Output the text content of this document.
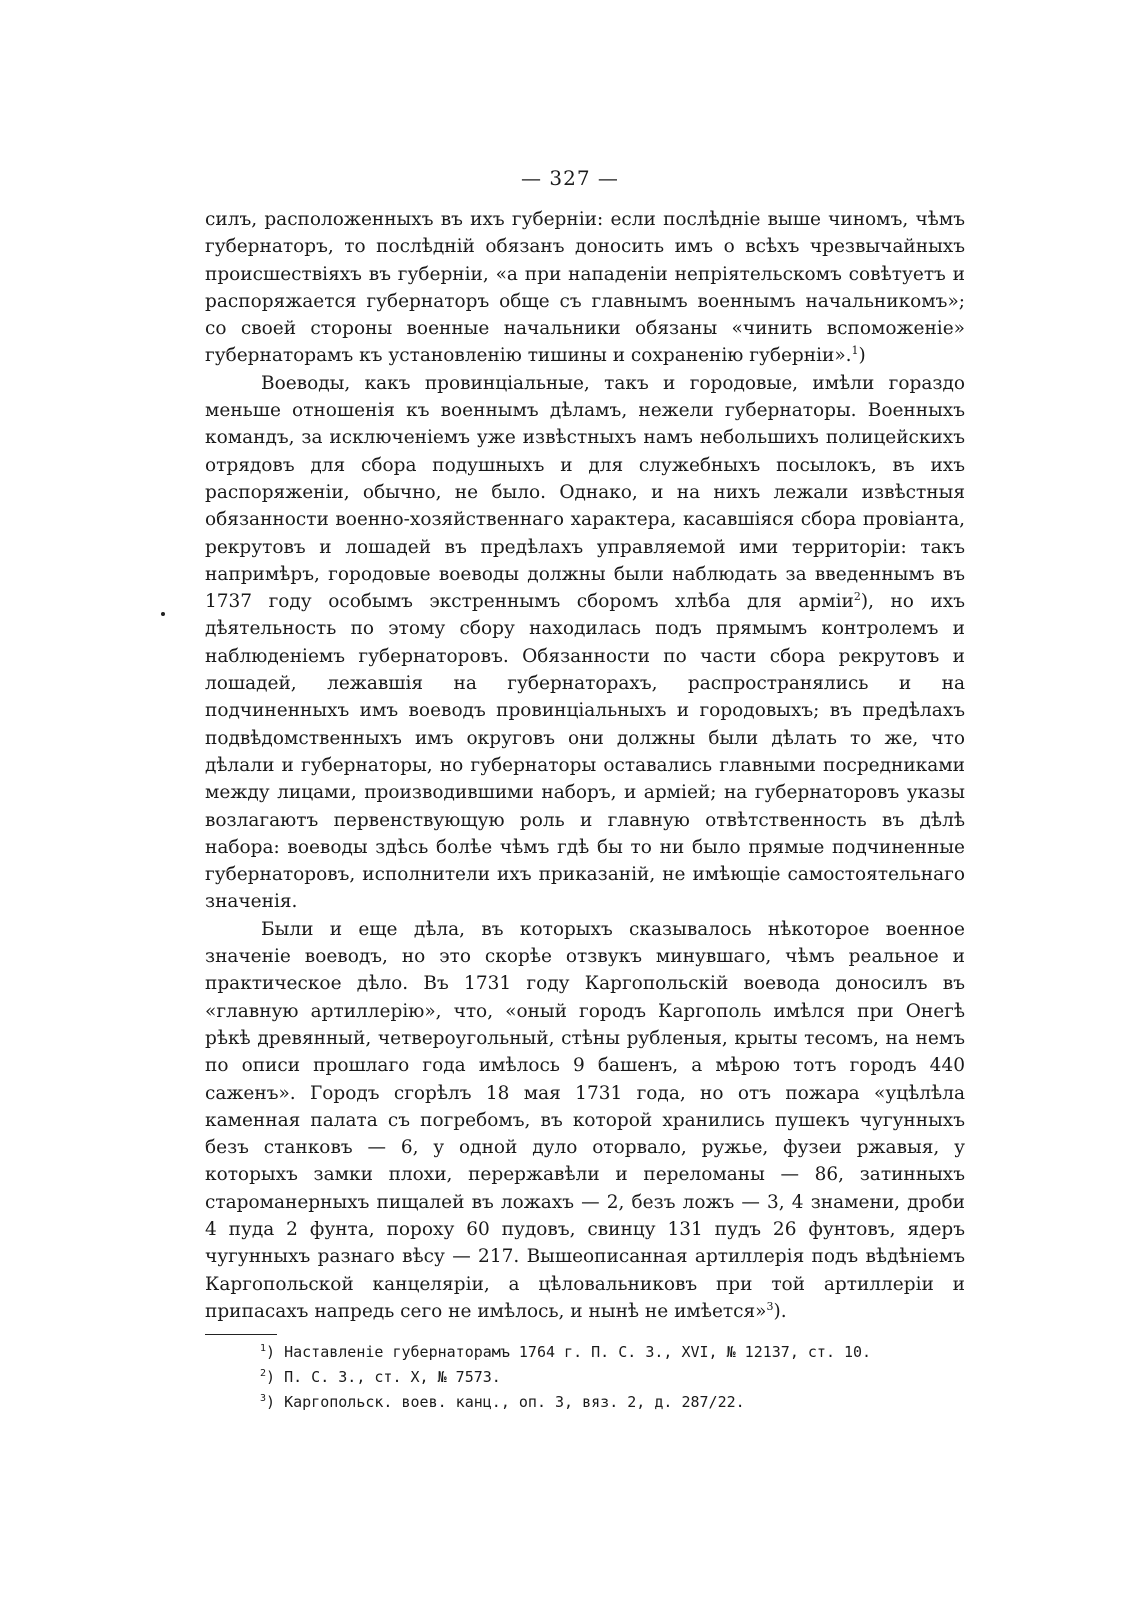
— 327 —

силъ, расположенныхъ въ ихъ губерніи: если послѣдніе выше чиномъ, чѣмъ губернаторъ, то послѣдній обязанъ доносить имъ о всѣхъ чрезвычайныхъ происшествіяхъ въ губерніи, «а при нападеніи непріятельскомъ совѣтуетъ и распоряжается губернаторъ обще съ главнымъ военнымъ начальникомъ»; со своей стороны военные начальники обязаны «чинить вспоможеніе» губернаторамъ къ установленію тишины и сохраненію губерніи».$^1$)

Воеводы, какъ провинціальные, такъ и городовые, имѣли гораздо меньше отношенія къ военнымъ дѣламъ, нежели губернаторы. Военныхъ командъ, за исключеніемъ уже извѣстныхъ намъ небольшихъ полицейскихъ отрядовъ для сбора подушныхъ и для служебныхъ посылокъ, въ ихъ распоряженіи, обычно, не было. Однако, и на нихъ лежали извѣстныя обязанности военно-хозяйственнаго характера, касавшіяся сбора провіанта, рекрутовъ и лошадей въ предѣлахъ управляемой ими территоріи: такъ напримѣръ, городовые воеводы должны были наблюдать за введеннымъ въ 1737 году особымъ экстреннымъ сборомъ хлѣба для арміи$^2$), но ихъ дѣятельность по этому сбору находилась подъ прямымъ контролемъ и наблюденіемъ губернаторовъ. Обязанности по части сбора рекрутовъ и лошадей, лежавшія на губернаторахъ, распространялись и на подчиненныхъ имъ воеводъ провинціальныхъ и городовыхъ; въ предѣлахъ подвѣдомственныхъ имъ округовъ они должны были дѣлать то же, что дѣлали и губернаторы, но губернаторы оставались главными посредниками между лицами, производившими наборъ, и арміей; на губернаторовъ указы возлагаютъ первенствующую роль и главную отвѣтственность въ дѣлѣ набора: воеводы здѣсь болѣе чѣмъ гдѣ бы то ни было прямые подчиненные губернаторовъ, исполнители ихъ приказаній, не имѣющіе самостоятельнаго значенія.

Были и еще дѣла, въ которыхъ сказывалось нѣкоторое военное значеніе воеводъ, но это скорѣе отзвукъ минувшаго, чѣмъ реальное и практическое дѣло. Въ 1731 году Каргопольскій воевода доносилъ въ «главную артиллерію», что, «оный городъ Каргополь имѣлся при Онегѣ рѣкѣ древянный, четвероугольный, стѣны рубленыя, крыты тесомъ, на немъ по описи прошлаго года имѣлось 9 башенъ, а мѣрою тотъ городъ 440 саженъ». Городъ сгорѣлъ 18 мая 1731 года, но отъ пожара «уцѣлѣла каменная палата съ погребомъ, въ которой хранились пушекъ чугунныхъ безъ станковъ — 6, у одной дуло оторвало, ружье, фузеи ржавыя, у которыхъ замки плохи, перержавѣли и переломаны — 86, затинныхъ староманерныхъ пищалей въ ложахъ — 2, безъ ложъ — 3, 4 знамени, дроби 4 пуда 2 фунта, пороху 60 пудовъ, свинцу 131 пудъ 26 фунтовъ, ядеръ чугунныхъ разнаго вѣсу — 217. Вышеописанная артиллерія подъ вѣдѣніемъ Каргопольской канцеляріи, а цѣловальниковъ при той артиллеріи и припасахъ напредь сего не имѣлось, и нынѣ не имѣется»$^3$).

$^1$) Наставленіе губернаторамъ 1764 г. П. С. З., XVI, № 12137, ст. 10.
$^2$) П. С. З., ст. X, № 7573.
$^3$) Каргопольск. воев. канц., оп. 3, вяз. 2, д. 287/22.
